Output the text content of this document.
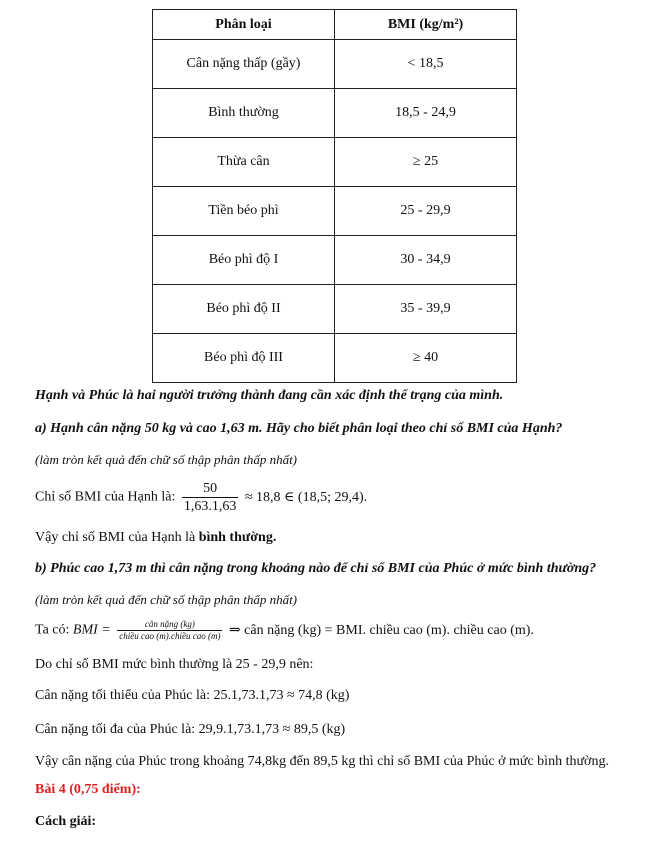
Phân loại	BMI (kg/m²)
Cân nặng thấp (gầy)	< 18,5
Bình thường	18,5 - 24,9
Thừa cân	≥ 25
Tiền béo phì	25 - 29,9
Béo phì độ I	30 - 34,9
Béo phì độ II	35 - 39,9
Béo phì độ III	≥ 40
Hạnh và Phúc là hai người trưởng thành đang cần xác định thể trạng của mình.
a) Hạnh cân nặng 50 kg và cao 1,63 m. Hãy cho biết phân loại theo chỉ số BMI của Hạnh?
(làm tròn kết quả đến chữ số thập phân thấp nhất)
Chỉ số BMI của Hạnh là: $\frac{50}{1,63.1,63} \approx 18,8$ ∈ (18,5; 29,4).
Vậy chỉ số BMI của Hạnh là bình thường.
b) Phúc cao 1,73 m thì cân nặng trong khoảng nào để chỉ số BMI của Phúc ở mức bình thường?
(làm tròn kết quả đến chữ số thập phân thấp nhất)
Ta có: BMI = $\frac{\text{cân nặng (kg)}}{\text{chiều cao (m).chiều cao (m)}}$ ⇒ cân nặng (kg) = BMI. chiều cao (m). chiều cao (m).
Do chỉ số BMI mức bình thường là 25 - 29,9 nên:
Cân nặng tối thiểu của Phúc là: 25.1,73.1,73 ≈ 74,8 (kg)
Cân nặng tối đa của Phúc là: 29,9.1,73.1,73 ≈ 89,5 (kg)
Vậy cân nặng của Phúc trong khoảng 74,8kg đến 89,5 kg thì chỉ số BMI của Phúc ở mức bình thường.
Bài 4 (0,75 điểm):
Cách giải:
